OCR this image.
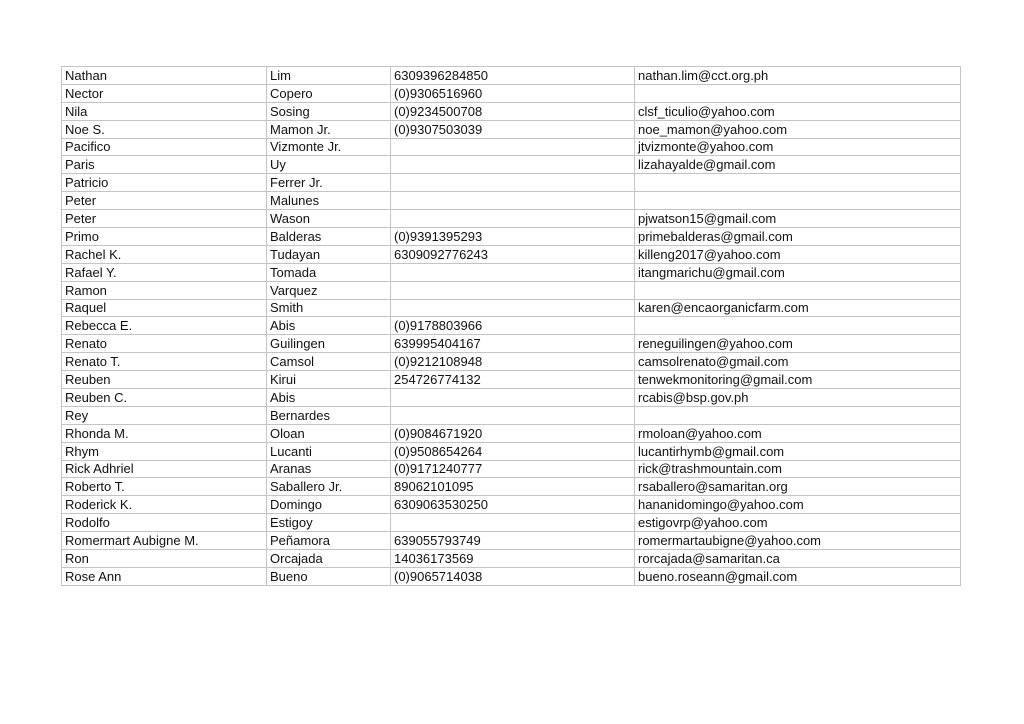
Nathan	Lim	6309396284850	nathan.lim@cct.org.ph
Nector	Copero	(0)9306516960	
Nila	Sosing	(0)9234500708	clsf_ticulio@yahoo.com
Noe S.	Mamon Jr.	(0)9307503039	noe_mamon@yahoo.com
Pacifico	Vizmonte Jr.		jtvizmonte@yahoo.com
Paris	Uy		lizahayalde@gmail.com
Patricio	Ferrer Jr.		
Peter	Malunes		
Peter	Wason		pjwatson15@gmail.com
Primo	Balderas	(0)9391395293	primebalderas@gmail.com
Rachel K.	Tudayan	6309092776243	killeng2017@yahoo.com
Rafael Y.	Tomada		itangmarichu@gmail.com
Ramon	Varquez		
Raquel	Smith		karen@encaorganicfarm.com
Rebecca E.	Abis	(0)9178803966	
Renato	Guilingen	639995404167	reneguilingen@yahoo.com
Renato T.	Camsol	(0)9212108948	camsolrenato@gmail.com
Reuben	Kirui	254726774132	tenwekmonitoring@gmail.com
Reuben C.	Abis		rcabis@bsp.gov.ph
Rey	Bernardes		
Rhonda M.	Oloan	(0)9084671920	rmoloan@yahoo.com
Rhym	Lucanti	(0)9508654264	lucantirhymb@gmail.com
Rick Adhriel	Aranas	(0)9171240777	rick@trashmountain.com
Roberto T.	Saballero Jr.	89062101095	rsaballero@samaritan.org
Roderick K.	Domingo	6309063530250	hananidomingo@yahoo.com
Rodolfo	Estigoy		estigovrp@yahoo.com
Romermart Aubigne M.	Peñamora	639055793749	romermartaubigne@yahoo.com
Ron	Orcajada	14036173569	rorcajada@samaritan.ca
Rose Ann	Bueno	(0)9065714038	bueno.roseann@gmail.com
